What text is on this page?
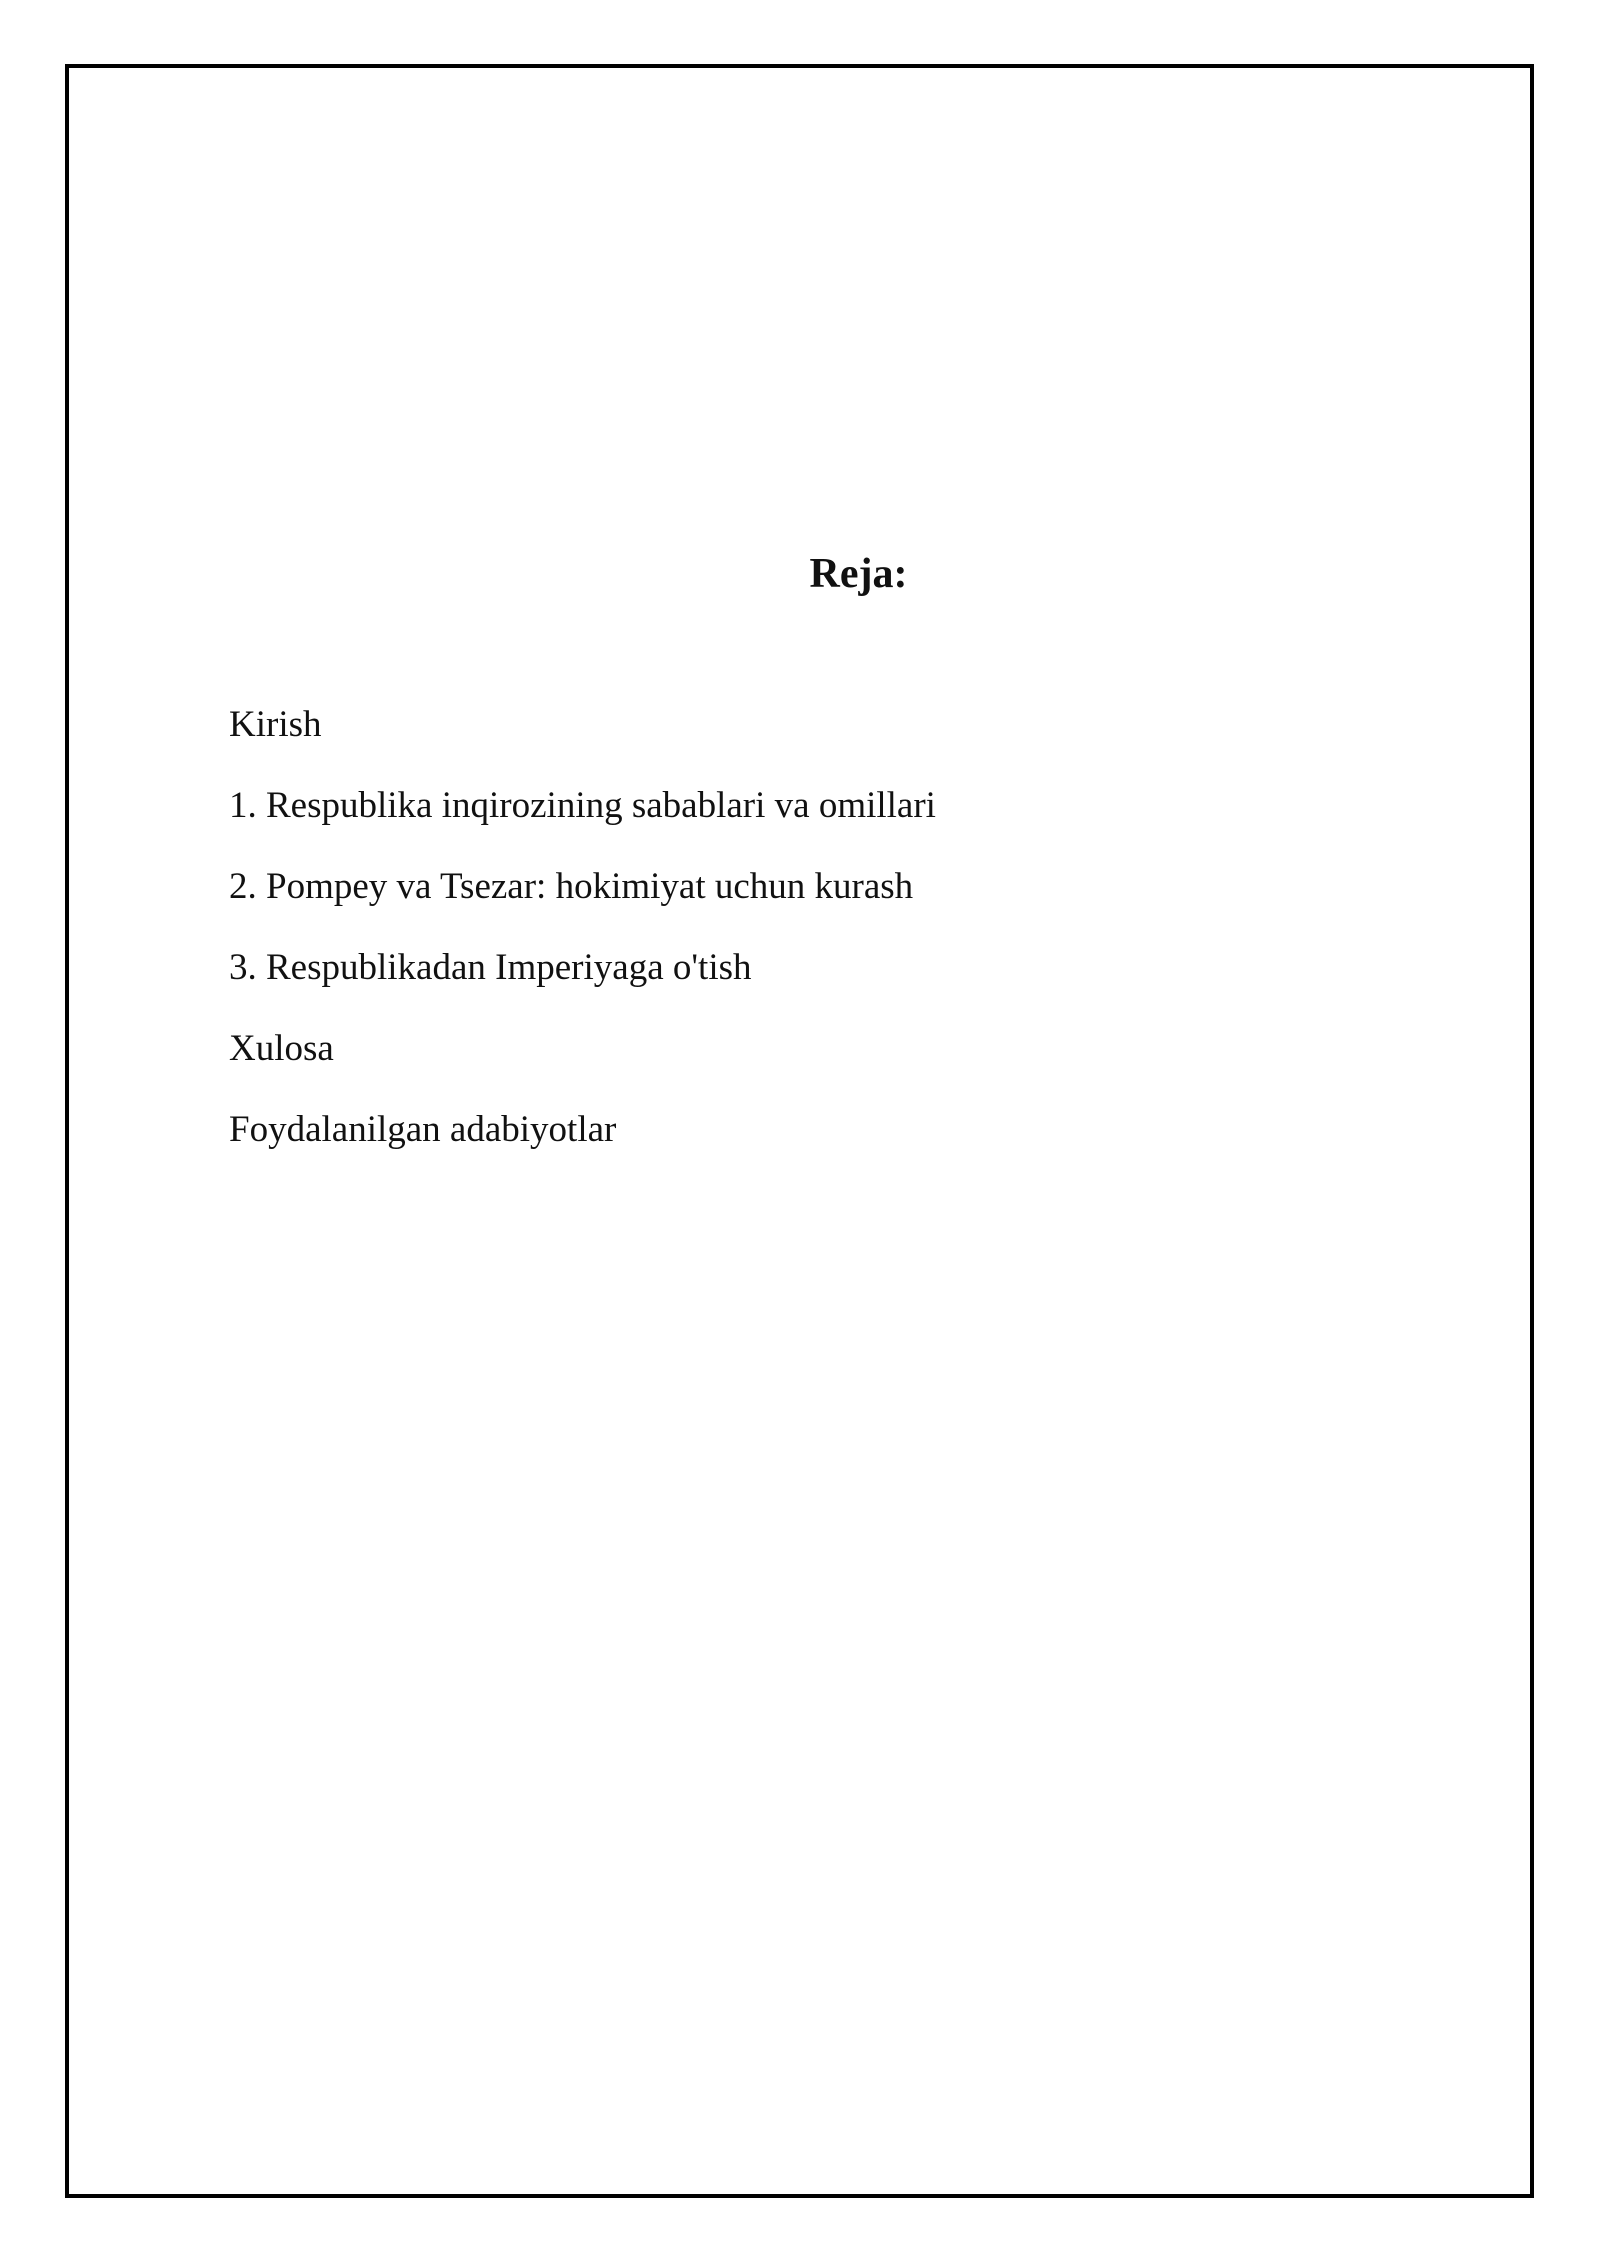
Reja:
Kirish
1. Respublika inqirozining sabablari va omillari
2. Pompey va Tsezar: hokimiyat uchun kurash
3. Respublikadan Imperiyaga o'tish
Xulosa
Foydalanilgan adabiyotlar
